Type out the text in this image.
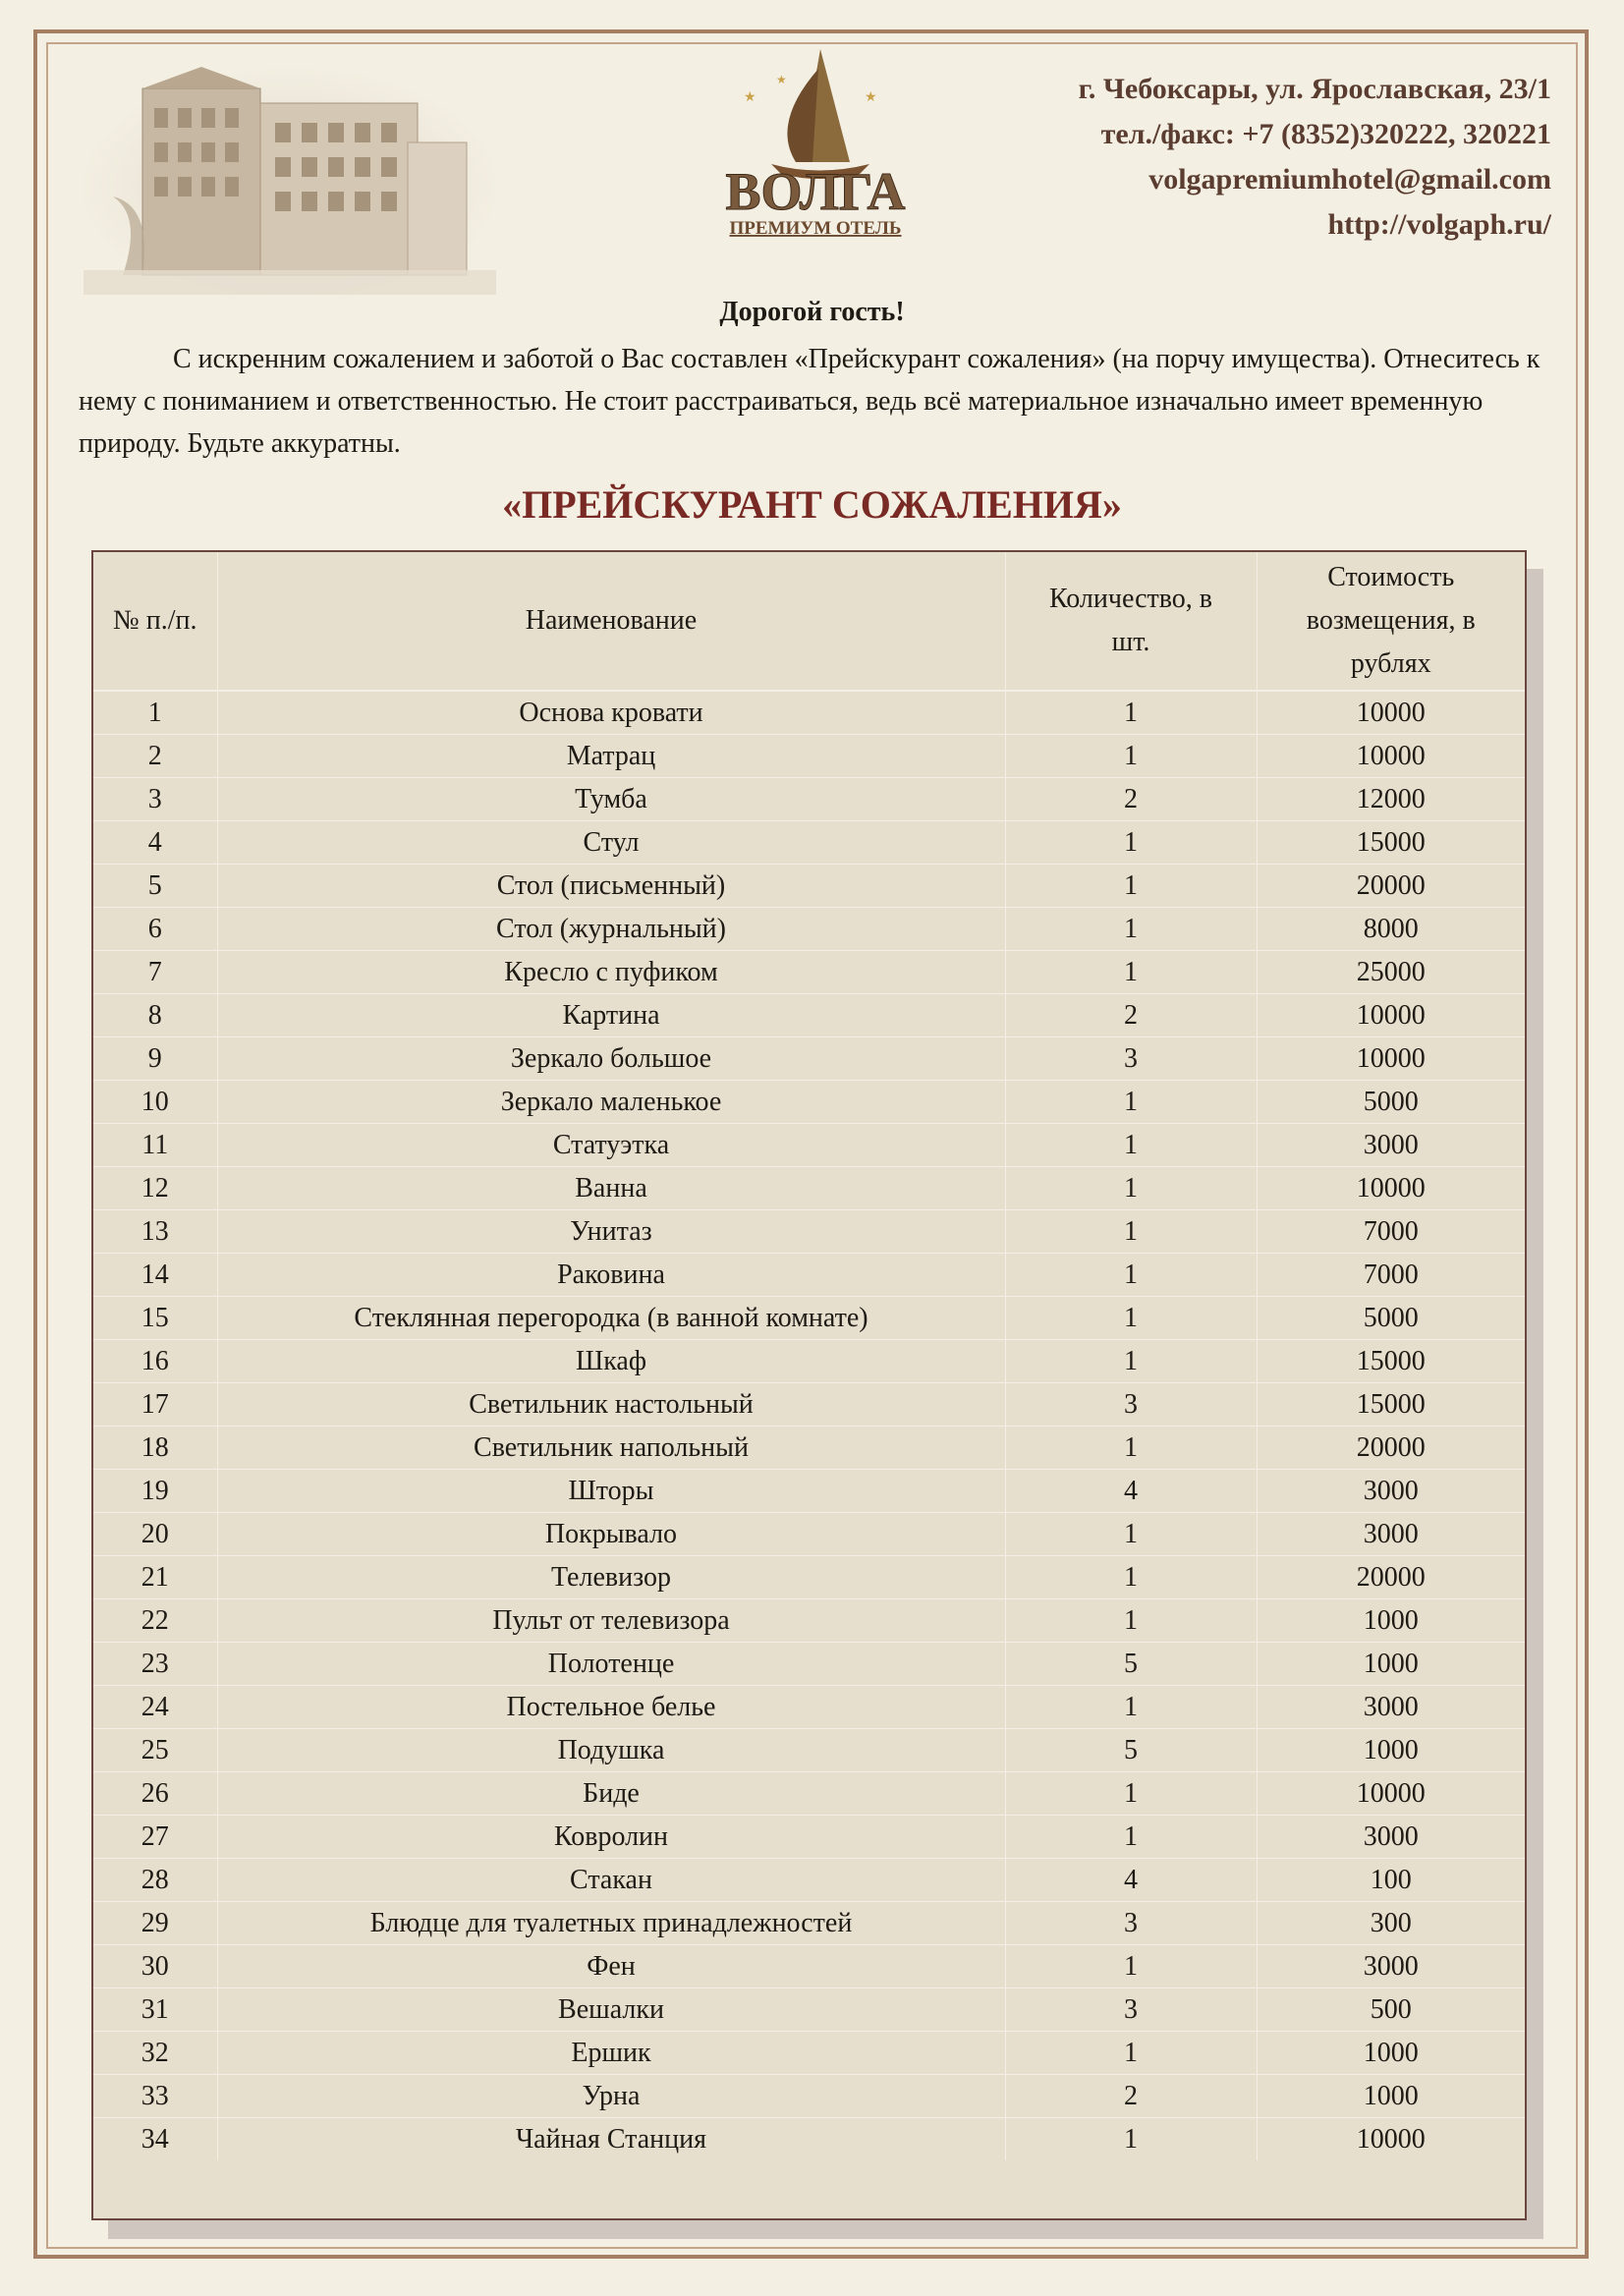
★	★
★
ВОЛГА
ПРЕМИУМ ОТЕЛЬ
г. Чебоксары, ул. Ярославская, 23/1
тел./факс: +7 (8352)320222, 320221
volgapremiumhotel@gmail.com
http://volgaph.ru/
Дорогой гость!
С искренним сожалением и заботой о Вас составлен «Прейскурант сожаления» (на порчу имущества). Отнеситесь к нему с пониманием и ответственностью. Не стоит расстраиваться, ведь всё материальное изначально имеет временную природу. Будьте аккуратны.
«ПРЕЙСКУРАНТ СОЖАЛЕНИЯ»
№ п./п.	Наименование	Количество, в шт.	Стоимость возмещения, в рублях
1	Основа кровати	1	10000
2	Матрац	1	10000
3	Тумба	2	12000
4	Стул	1	15000
5	Стол (письменный)	1	20000
6	Стол (журнальный)	1	8000
7	Кресло с пуфиком	1	25000
8	Картина	2	10000
9	Зеркало большое	3	10000
10	Зеркало маленькое	1	5000
11	Статуэтка	1	3000
12	Ванна	1	10000
13	Унитаз	1	7000
14	Раковина	1	7000
15	Стеклянная перегородка (в ванной комнате)	1	5000
16	Шкаф	1	15000
17	Светильник настольный	3	15000
18	Светильник напольный	1	20000
19	Шторы	4	3000
20	Покрывало	1	3000
21	Телевизор	1	20000
22	Пульт от телевизора	1	1000
23	Полотенце	5	1000
24	Постельное белье	1	3000
25	Подушка	5	1000
26	Биде	1	10000
27	Ковролин	1	3000
28	Стакан	4	100
29	Блюдце для туалетных принадлежностей	3	300
30	Фен	1	3000
31	Вешалки	3	500
32	Ершик	1	1000
33	Урна	2	1000
34	Чайная Станция	1	10000
